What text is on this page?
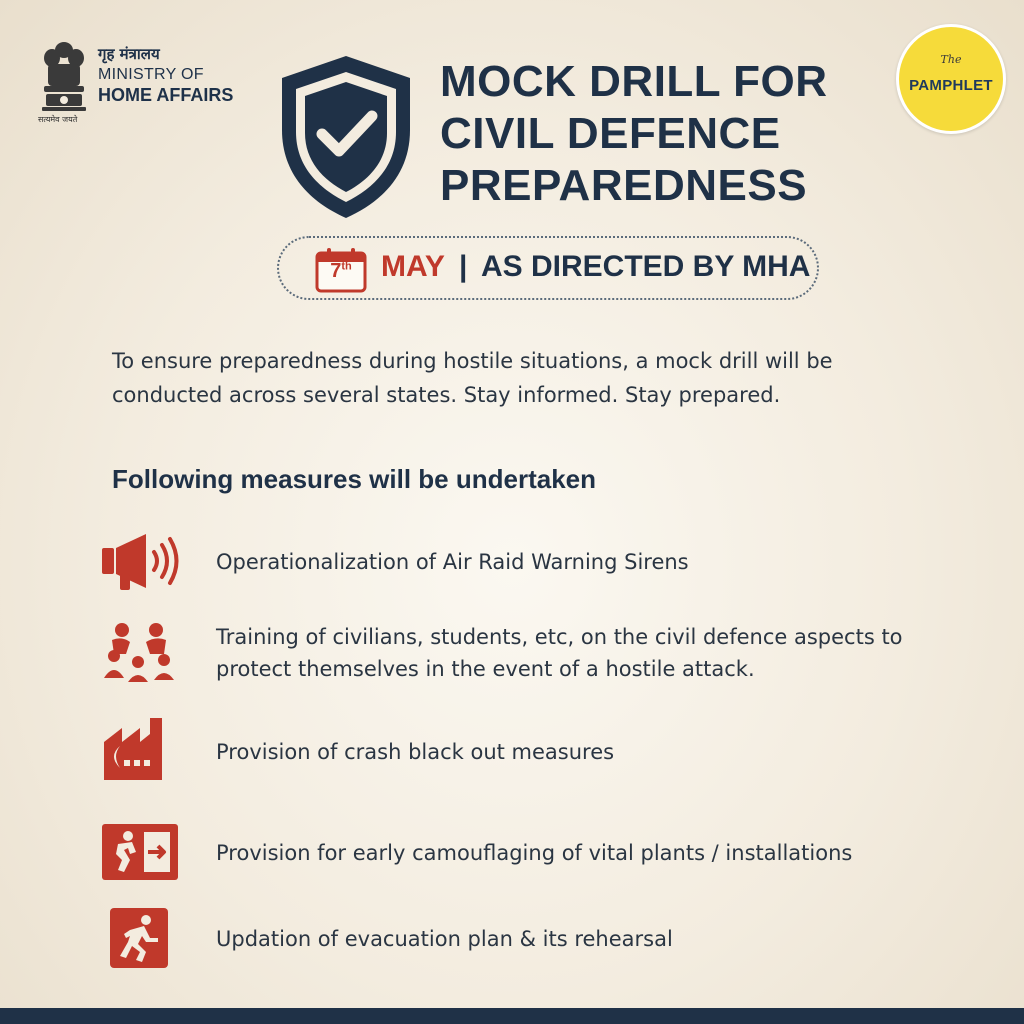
सत्यमेव जयते
गृह मंत्रालय
MINISTRY OF
HOME AFFAIRS	MOCK DRILL FOR
CIVIL DEFENCE
PREPAREDNESS
The
PAMPHLET
7th MAY | AS DIRECTED BY MHA
To ensure preparedness during hostile situations, a mock drill will be conducted across several states. Stay informed. Stay prepared.
Following measures will be undertaken
Operationalization of Air Raid Warning Sirens
Training of civilians, students, etc, on the civil defence aspects to protect themselves in the event of a hostile attack.
Provision of crash black out measures
Provision for early camouflaging of vital plants / installations
Updation of evacuation plan & its rehearsal
